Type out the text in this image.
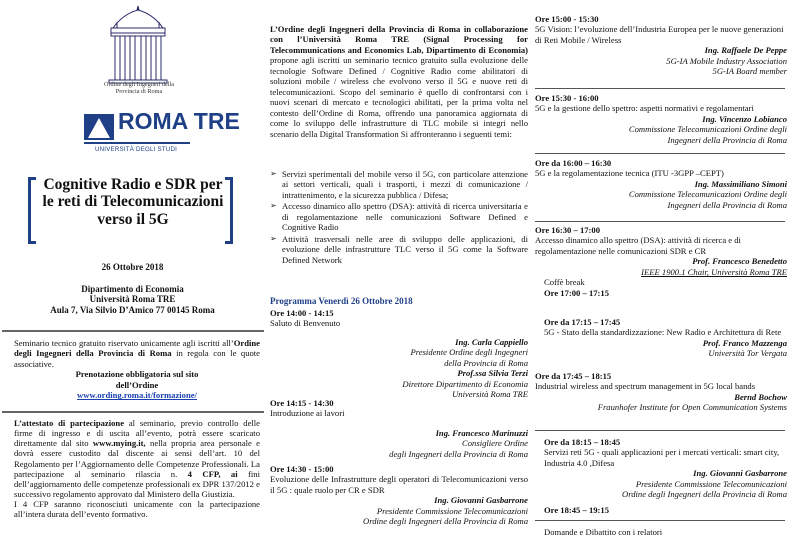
Ordine degli Ingegneri della Provincia di Roma
ROMA TRE
UNIVERSITÀ DEGLI STUDI
Cognitive Radio e SDR per le reti di Telecomunicazioni verso il 5G
26 Ottobre 2018
Dipartimento di Economia
Università Roma TRE
Aula 7, Via Silvio D’Amico 77 00145 Roma
Seminario tecnico gratuito riservato unicamente agli iscritti all’Ordine degli Ingegneri della Provincia di Roma in regola con le quote associative.
Prenotazione obbligatoria sul sito
dell’Ordine
www.ording.roma.it/formazione/
L’attestato di partecipazione al seminario, previo controllo delle firme di ingresso e di uscita all’evento, potrà essere scaricato direttamente dal sito www.mying.it, nella propria area personale e dovrà essere custodito dal discente ai sensi dell’art. 10 del Regolamento per l’Aggiornamento delle Competenze Professionali. La partecipazione al seminario rilascia n. 4 CFP, ai fini dell’aggiornamento delle competenze professionali ex DPR 137/2012 e successivo regolamento approvato dal Ministero della Giustizia.
I 4 CFP saranno riconosciuti unicamente con la partecipazione all’intera durata dell’evento formativo.
L’Ordine degli Ingegneri della Provincia di Roma in collaborazione con l’Università Roma TRE (Signal Processing for Telecommunications and Economics Lab, Dipartimento di Economia) propone agli iscritti un seminario tecnico gratuito sulla evoluzione delle tecnologie Software Defined / Cognitive Radio come abilitatori di soluzioni mobile / wireless che evolvono verso il 5G e nuove reti di telecomunicazioni. Scopo del seminario è quello di confrontarsi con i nuovi scenari di mercato e tecnologici abilitati, per la prima volta nel contesto dell’Ordine di Roma, offrendo una panoramica aggiornata di come lo sviluppo delle infrastrutture di TLC mobile si integri nello scenario della Digital Transformation Si affronteranno i seguenti temi:
➢ Servizi sperimentali del mobile verso il 5G, con particolare attenzione ai settori verticali, quali i trasporti, i mezzi di comunicazione / intrattenimento, e la sicurezza pubblica / Difesa;
➢ Accesso dinamico allo spettro (DSA): attività di ricerca universitaria e di regolamentazione nelle comunicazioni Software Defined e Cognitive Radio
➢ Attività trasversali nelle aree di sviluppo delle applicazioni, di evoluzione delle infrastrutture TLC verso il 5G come la Software Defined Network
Programma Venerdì 26 Ottobre 2018
Ore 14:00 - 14:15
Saluto di Benvenuto
Ing. Carla Cappiello
Presidente Ordine degli Ingegneri
della Provincia di Roma
Prof.ssa Silvia Terzi
Direttore Dipartimento di Economia
Università Roma TRE
Ore 14:15 - 14:30
Introduzione ai lavori
Ing. Francesco Marinuzzi
Consigliere Ordine
degli Ingegneri della Provincia di Roma
Ore 14:30 - 15:00
Evoluzione delle Infrastrutture degli operatori di Telecomunicazioni verso il 5G : quale ruolo per CR e SDR
Ing. Giovanni Gasbarrone
Presidente Commissione Telecomunicazioni
Ordine degli Ingegneri della Provincia di Roma
Ore 15:00 - 15:30
5G Vision: l’evoluzione dell’Industria Europea per le nuove generazioni di Reti Mobile / Wireless
Ing. Raffaele De Peppe
5G-IA Mobile Industry Association
5G-IA Board member
Ore 15:30 - 16:00
5G e la gestione dello spettro: aspetti normativi e regolamentari
Ing. Vincenzo Lobianco
Commissione Telecomunicazioni Ordine degli
Ingegneri della Provincia di Roma
Ore da 16:00 – 16:30
5G e la regolamentazione tecnica (ITU -3GPP –CEPT)
Ing. Massimiliano Simoni
Commissione Telecomunicazioni Ordine degli
Ingegneri della Provincia di Roma
Ore 16:30 – 17:00
Accesso dinamico allo spettro (DSA): attività di ricerca e di regolamentazione nelle comunicazioni SDR e CR
Prof. Francesco Benedetto
IEEE 1900.1 Chair, Università Roma TRE
Coffè break
Ore 17:00 – 17:15
Ore da 17:15 – 17:45
5G - Stato della standardizzazione: New Radio e Architettura di Rete
Prof. Franco Mazzenga
Università Tor Vergata
Ore da 17:45 – 18:15
Industrial wireless and spectrum management in 5G local bands
Bernd Bochow
Fraunhofer Institute for Open Communication Systems
Ore da 18:15 – 18:45
Servizi reti 5G - quali applicazioni per i mercati verticali: smart city, Industria 4.0 ,Difesa
Ing. Giovanni Gasbarrone
Presidente Commissione Telecomunicazioni
Ordine degli Ingegneri della Provincia di Roma
Ore 18:45 – 19:15
Domande e Dibattito con i relatori
